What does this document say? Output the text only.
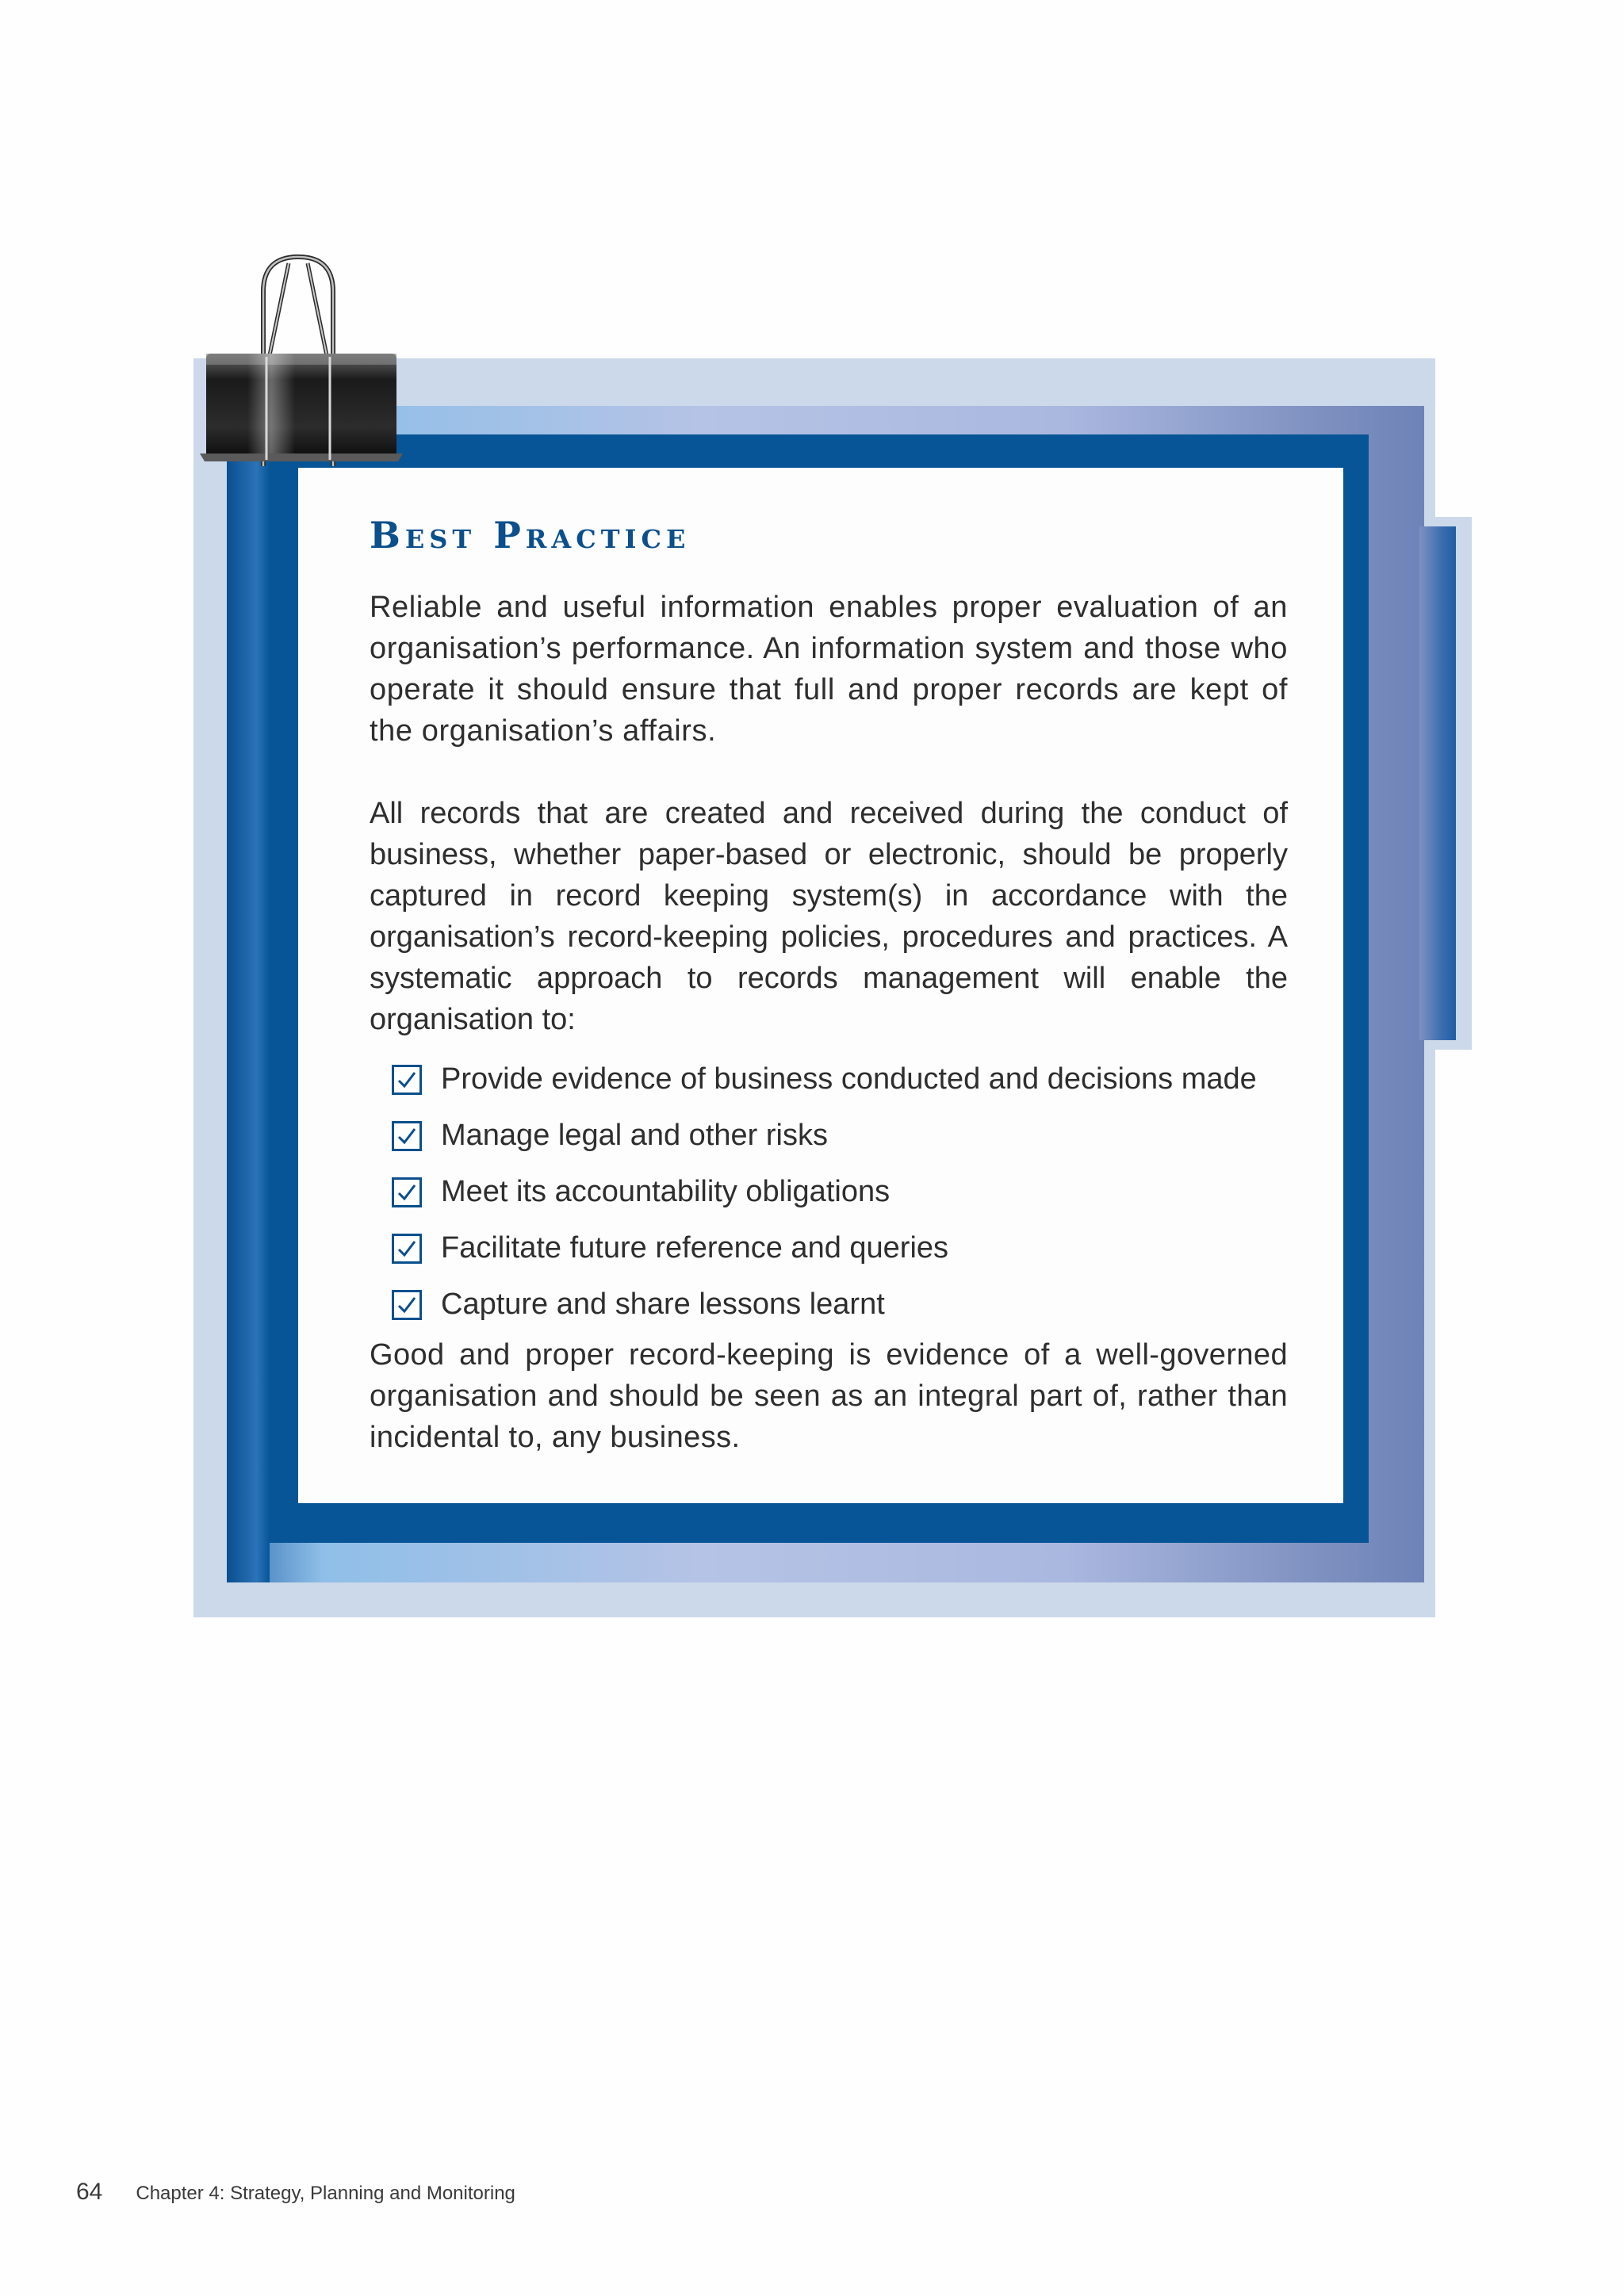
Best Practice

Reliable and useful information enables proper evaluation of an organisation’s performance. An information system and those who operate it should ensure that full and proper records are kept of the organisation’s affairs.

All records that are created and received during the conduct of business, whether paper-based or electronic, should be properly captured in record keeping system(s) in accordance with the organisation’s record-keeping policies, procedures and practices. A systematic approach to records management will enable the organisation to:

Provide evidence of business conducted and decisions made
Manage legal and other risks
Meet its accountability obligations
Facilitate future reference and queries
Capture and share lessons learnt

Good and proper record-keeping is evidence of a well-governed organisation and should be seen as an integral part of, rather than incidental to, any business.

64 Chapter 4: Strategy, Planning and Monitoring
